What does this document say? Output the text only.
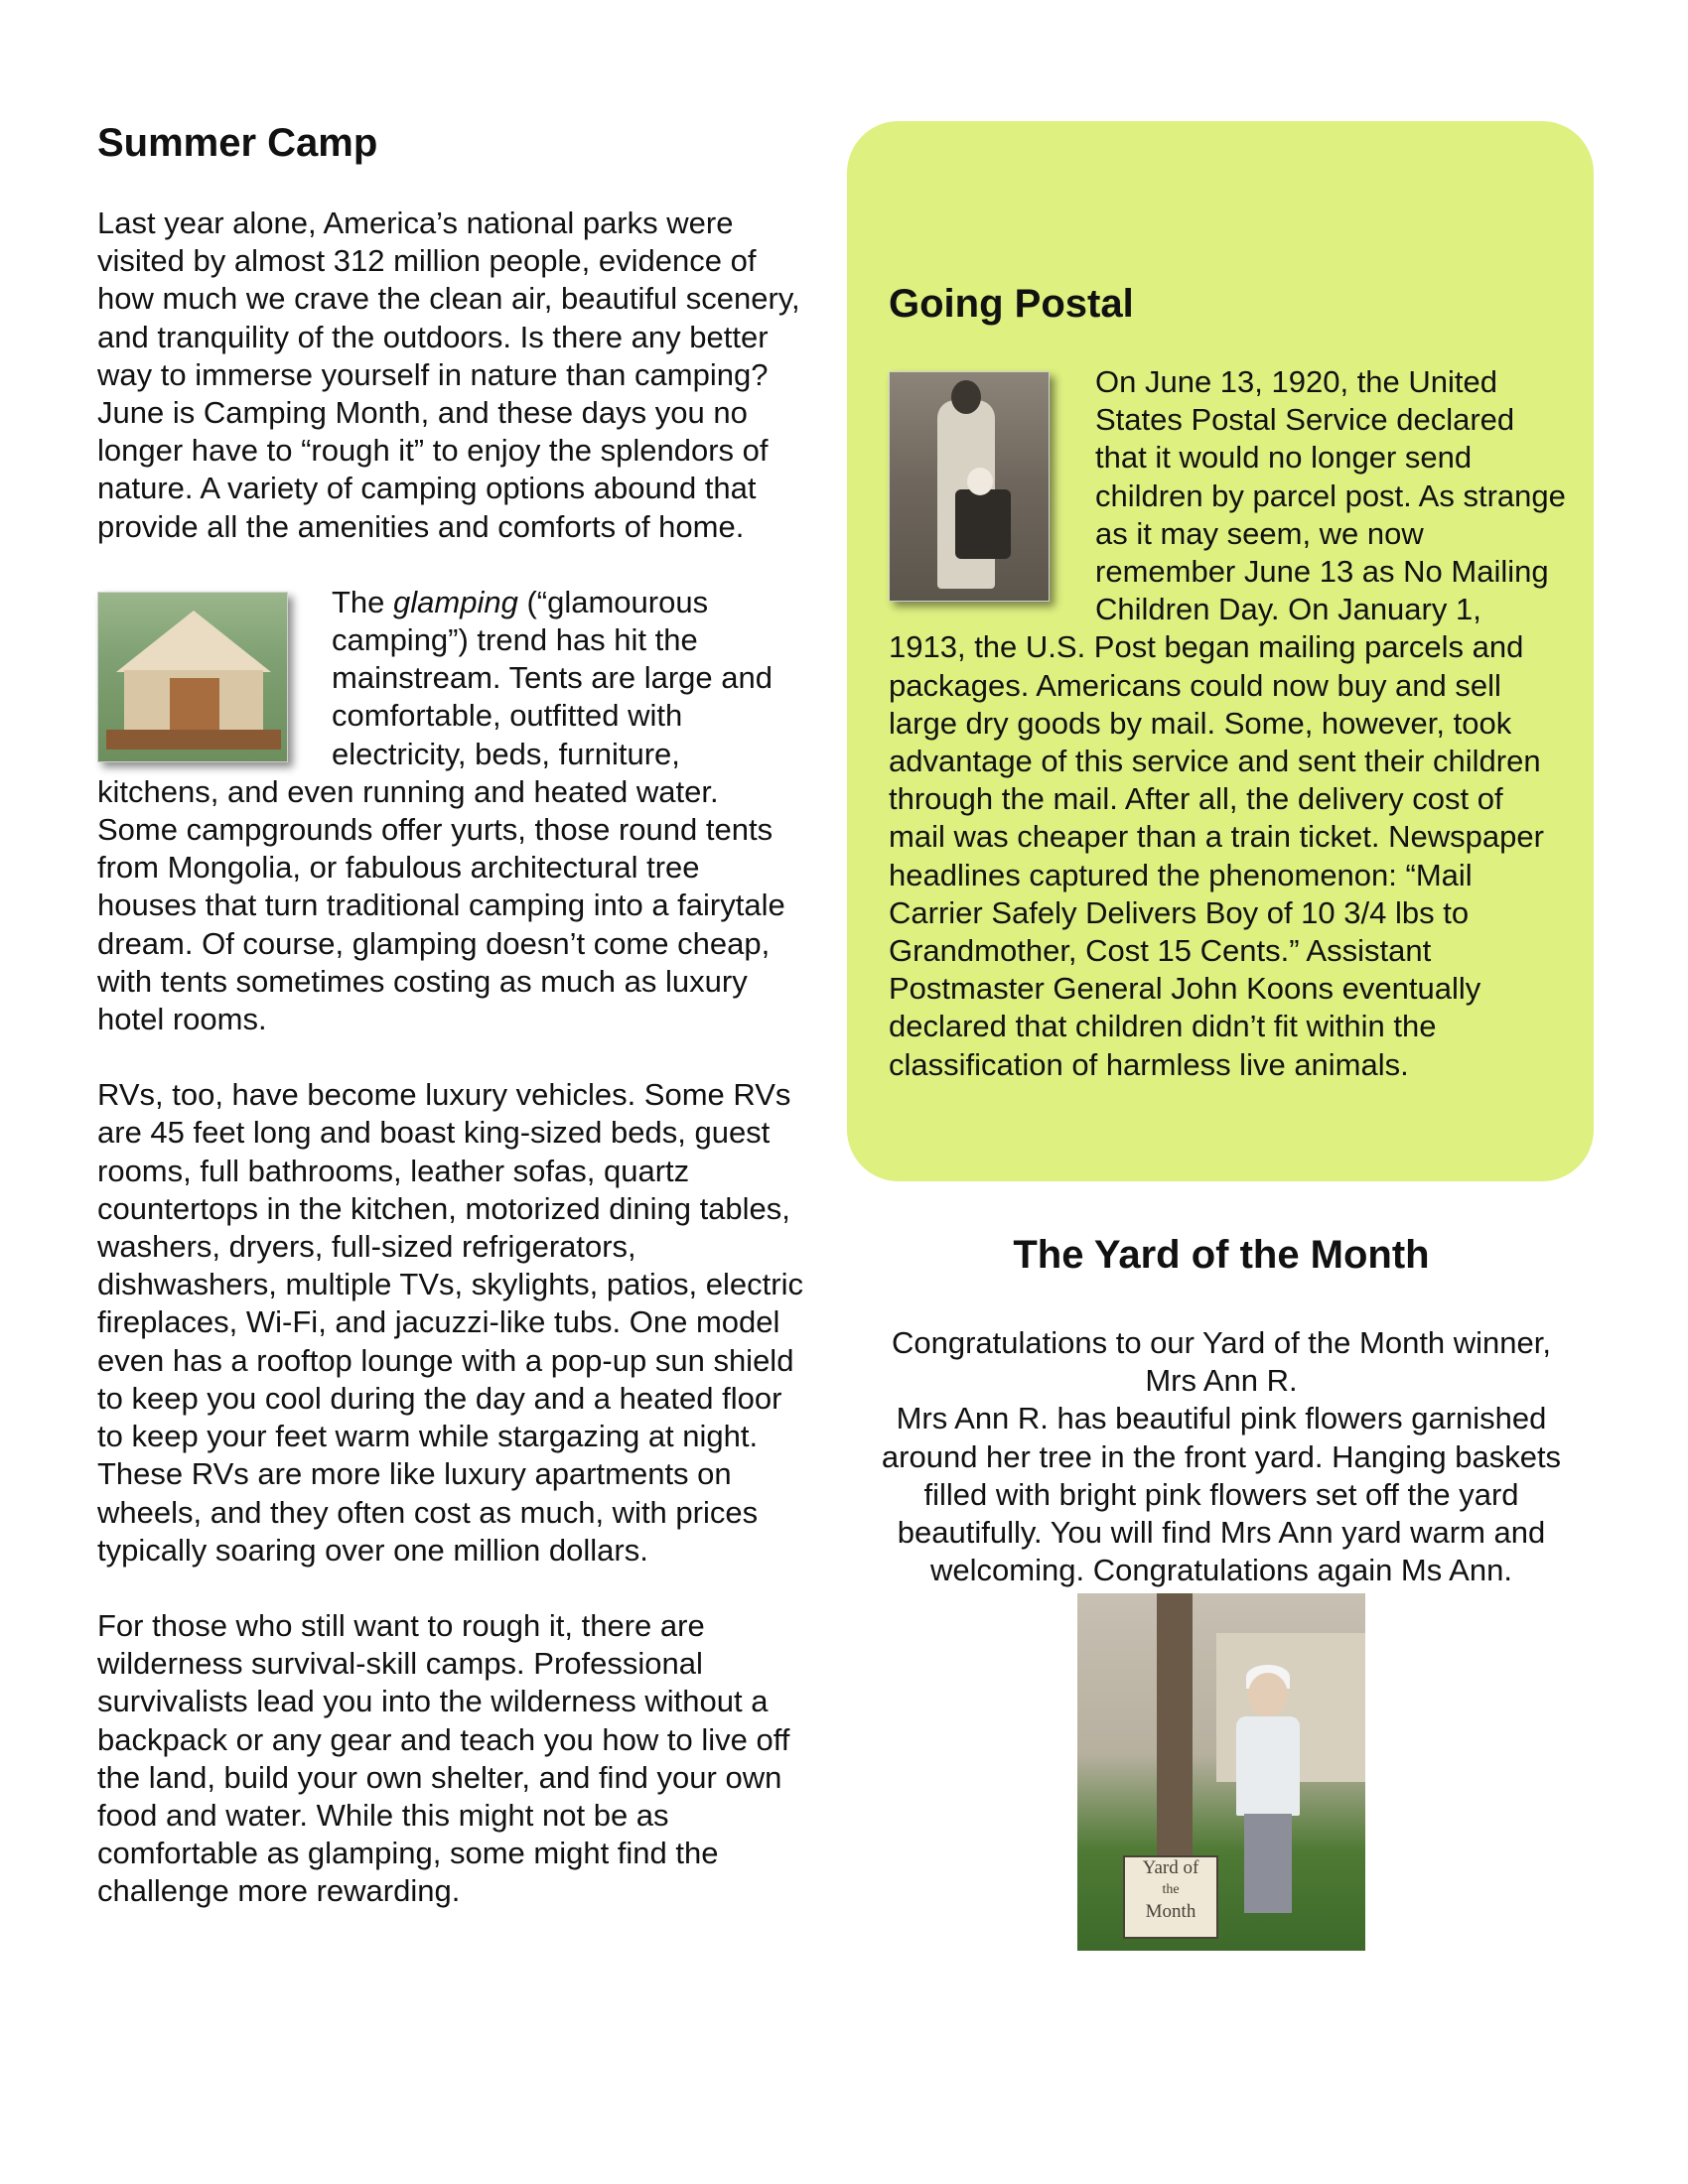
Summer Camp

Last year alone, America’s national parks were visited by almost 312 million people, evidence of how much we crave the clean air, beautiful scenery, and tranquility of the outdoors. Is there any better way to immerse yourself in nature than camping? June is Camping Month, and these days you no longer have to “rough it” to enjoy the splendors of nature. A variety of camping options abound that provide all the amenities and comforts of home.

The glamping (“glamourous camping”) trend has hit the mainstream. Tents are large and comfortable, outfitted with electricity, beds, furniture, kitchens, and even running and heated water. Some campgrounds offer yurts, those round tents from Mongolia, or fabulous architectural tree houses that turn traditional camping into a fairytale dream. Of course, glamping doesn’t come cheap, with tents sometimes costing as much as luxury hotel rooms.

RVs, too, have become luxury vehicles. Some RVs are 45 feet long and boast king-sized beds, guest rooms, full bathrooms, leather sofas, quartz countertops in the kitchen, motorized dining tables, washers, dryers, full-sized refrigerators, dishwashers, multiple TVs, skylights, patios, electric fireplaces, Wi-Fi, and jacuzzi-like tubs. One model even has a rooftop lounge with a pop-up sun shield to keep you cool during the day and a heated floor to keep your feet warm while stargazing at night. These RVs are more like luxury apartments on wheels, and they often cost as much, with prices typically soaring over one million dollars.

For those who still want to rough it, there are wilderness survival-skill camps. Professional survivalists lead you into the wilderness without a backpack or any gear and teach you how to live off the land, build your own shelter, and find your own food and water. While this might not be as comfortable as glamping, some might find the challenge more rewarding.

Going Postal

On June 13, 1920, the United States Postal Service declared that it would no longer send children by parcel post. As strange as it may seem, we now remember June 13 as No Mailing Children Day. On January 1, 1913, the U.S. Post began mailing parcels and packages. Americans could now buy and sell large dry goods by mail. Some, however, took advantage of this service and sent their children through the mail. After all, the delivery cost of mail was cheaper than a train ticket. Newspaper headlines captured the phenomenon: “Mail Carrier Safely Delivers Boy of 10 3/4 lbs to Grandmother, Cost 15 Cents.” Assistant Postmaster General John Koons eventually declared that children didn’t fit within the classification of harmless live animals.

The Yard of the Month

Congratulations to our Yard of the Month winner, Mrs Ann R.

Mrs Ann R. has beautiful pink flowers garnished around her tree in the front yard. Hanging baskets filled with bright pink flowers set off the yard beautifully. You will find Mrs Ann yard warm and welcoming. Congratulations again Ms Ann.

Yard of
the
Month
